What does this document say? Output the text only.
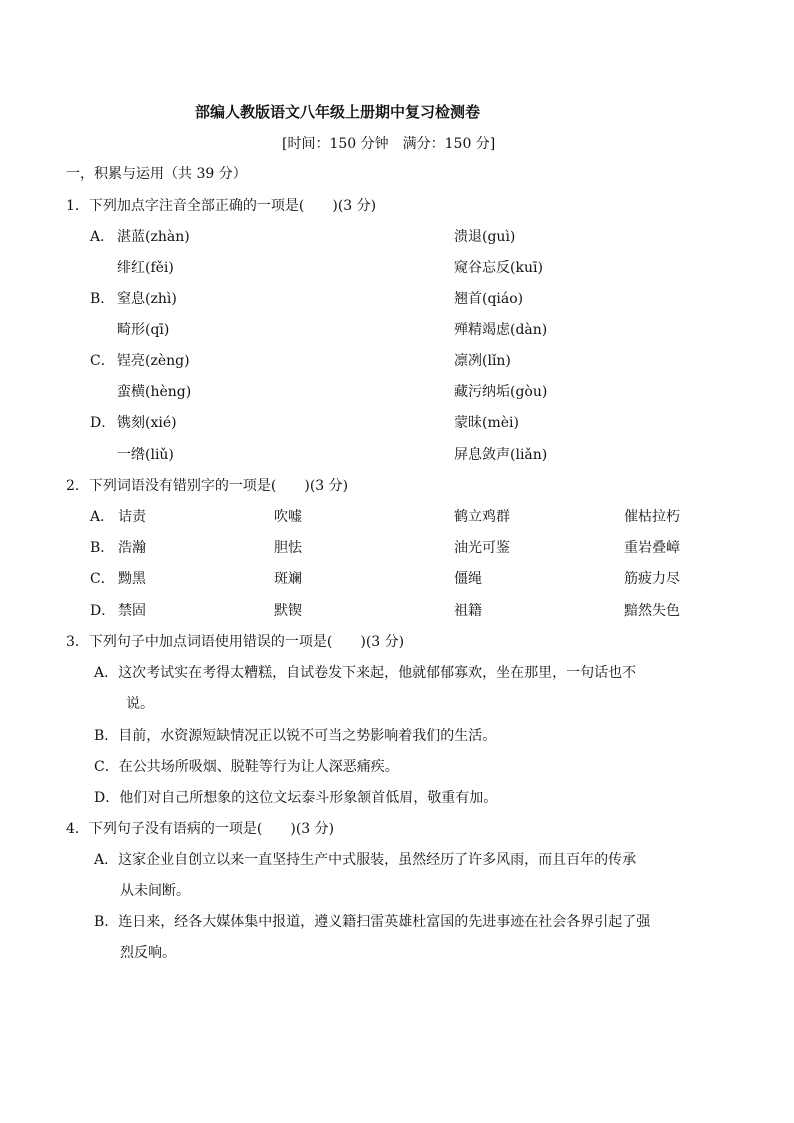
部编人教版语文八年级上册期中复习检测卷
[时间：150 分钟　满分：150 分]
一，积累与运用（共 39 分）
1．下列加点字注音全部正确的一项是(　　)(3 分)
A． 湛蓝(zhàn)	溃退(guì)
绯红(fěi)	窥谷忘反(kuī)
B． 窒息(zhì)	翘首(qiáo)
畸形(qī)	殚精竭虑(dàn)
C． 锃亮(zèng)	凛冽(lǐn)
蛮横(hèng)	藏污纳垢(gòu)
D． 镌刻(xié)	蒙昧(mèi)
一绺(liǔ)	屏息敛声(liǎn)
2．下列词语没有错别字的一项是(　　)(3 分)
A． 诘责	吹嘘	鹤立鸡群	催枯拉朽
B． 浩瀚	胆怯	油光可鉴	重岩叠嶂
C． 黝黑	斑斓	僵绳	筋疲力尽
D． 禁固	默锲	祖籍	黯然失色
3．下列句子中加点词语使用错误的一项是(　　)(3 分)
A．这次考试实在考得太糟糕，自试卷发下来起，他就郁郁寡欢，坐在那里，一句话也不
说。
B．目前，水资源短缺情况正以锐不可当之势影响着我们的生活。
C．在公共场所吸烟、脱鞋等行为让人深恶痛疾。
D．他们对自己所想象的这位文坛泰斗形象颔首低眉，敬重有加。
4．下列句子没有语病的一项是(　　)(3 分)
A．这家企业自创立以来一直坚持生产中式服装，虽然经历了许多风雨，而且百年的传承
从未间断。
B．连日来，经各大媒体集中报道，遵义籍扫雷英雄杜富国的先进事迹在社会各界引起了强
烈反响。
